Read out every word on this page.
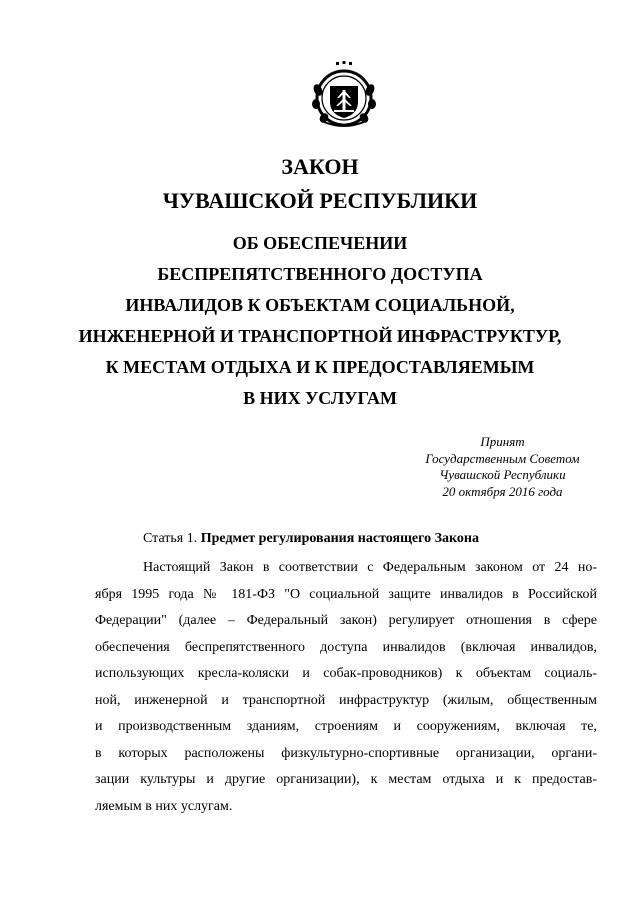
ЗАКОН
ЧУВАШСКОЙ РЕСПУБЛИКИ
ОБ ОБЕСПЕЧЕНИИ
БЕСПРЕПЯТСТВЕННОГО ДОСТУПА
ИНВАЛИДОВ К ОБЪЕКТАМ СОЦИАЛЬНОЙ,
ИНЖЕНЕРНОЙ И ТРАНСПОРТНОЙ ИНФРАСТРУКТУР,
К МЕСТАМ ОТДЫХА И К ПРЕДОСТАВЛЯЕМЫМ
В НИХ УСЛУГАМ
Принят
Государственным Советом
Чувашской Республики
20 октября 2016 года
Статья 1. Предмет регулирования настоящего Закона
Настоящий Закон в соответствии с Федеральным законом от 24 но-
ября 1995 года № 181-ФЗ "О социальной защите инвалидов в Российской
Федерации" (далее – Федеральный закон) регулирует отношения в сфере
обеспечения беспрепятственного доступа инвалидов (включая инвалидов,
использующих кресла-коляски и собак-проводников) к объектам социаль-
ной, инженерной и транспортной инфраструктур (жилым, общественным
и производственным зданиям, строениям и сооружениям, включая те,
в которых расположены физкультурно-спортивные организации, органи-
зации культуры и другие организации), к местам отдыха и к предостав-
ляемым в них услугам.
